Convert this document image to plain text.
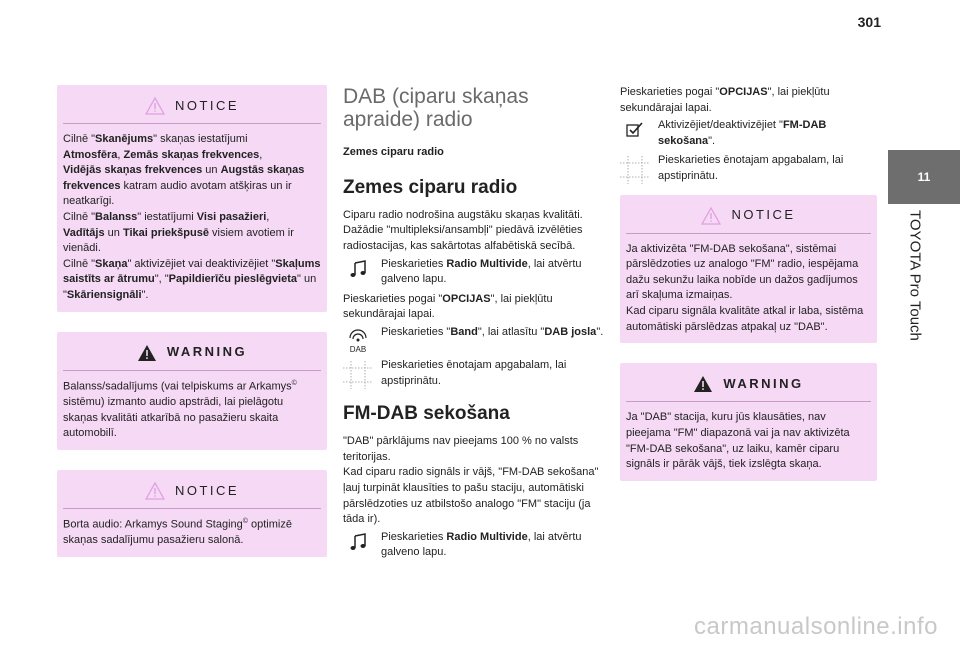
301
11
TOYOTA Pro Touch
NOTICE

Cilnē "Skanējums" skaņas iestatījumi
Atmosfēra, Zemās skaņas frekvences,
Vidējās skaņas frekvences un Augstās skaņas frekvences katram audio avotam atšķiras un ir neatkarīgi.

Cilnē "Balanss" iestatījumi Visi pasažieri,
Vadītājs un Tikai priekšpusē visiem avotiem ir vienādi.

Cilnē "Skaņa" aktivizējiet vai deaktivizējiet "Skaļums saistīts ar ātrumu", "Papildierīču pieslēgvieta" un "Skāriensignāli".

WARNING

Balanss/sadalījums (vai telpiskums ar Arkamys© sistēmu) izmanto audio apstrādi, lai pielāgotu skaņas kvalitāti atkarībā no pasažieru skaita automobilī.

NOTICE

Borta audio: Arkamys Sound Staging© optimizē skaņas sadalījumu pasažieru salonā.

DAB (ciparu skaņas apraide) radio
Zemes ciparu radio
Zemes ciparu radio

Ciparu radio nodrošina augstāku skaņas kvalitāti.

Dažādie "multipleksi/ansambļi" piedāvā izvēlēties radiostacijas, kas sakārtotas alfabētiskā secībā.

Pieskarieties Radio Multivide, lai atvērtu galveno lapu.

Pieskarieties pogai "OPCIJAS", lai piekļūtu sekundārajai lapai.

DAB
Pieskarieties "Band", lai atlasītu "DAB josla".
Pieskarieties ēnotajam apgabalam, lai apstiprinātu.
FM-DAB sekošana

"DAB" pārklājums nav pieejams 100 % no valsts teritorijas.

Kad ciparu radio signāls ir vājš, "FM-DAB sekošana" ļauj turpināt klausīties to pašu staciju, automātiski pārslēdzoties uz atbilstošo analogo "FM" staciju (ja tāda ir).

Pieskarieties Radio Multivide, lai atvērtu galveno lapu.

Pieskarieties pogai "OPCIJAS", lai piekļūtu sekundārajai lapai.

Aktivizējiet/deaktivizējiet "FM-DAB sekošana".
Pieskarieties ēnotajam apgabalam, lai apstiprinātu.
NOTICE

Ja aktivizēta "FM-DAB sekošana", sistēmai pārslēdzoties uz analogo "FM" radio, iespējama dažu sekunžu laika nobīde un dažos gadījumos arī skaļuma izmaiņas.

Kad ciparu signāla kvalitāte atkal ir laba, sistēma automātiski pārslēdzas atpakaļ uz "DAB".

WARNING

Ja "DAB" stacija, kuru jūs klausāties, nav pieejama "FM" diapazonā vai ja nav aktivizēta "FM-DAB sekošana", uz laiku, kamēr ciparu signāls ir pārāk vājš, tiek izslēgta skaņa.

carmanualsonline.info
